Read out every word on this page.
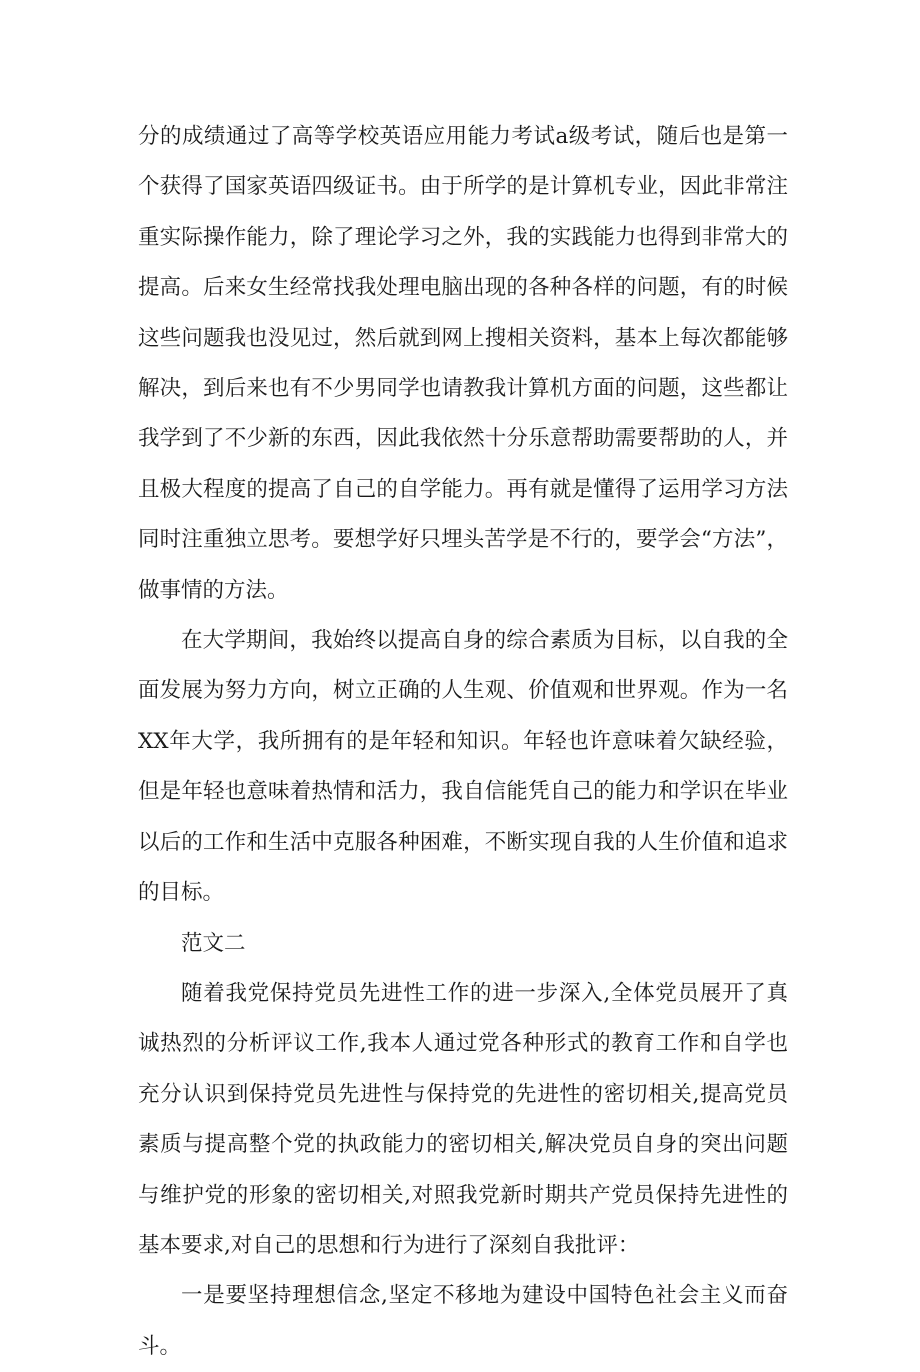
分的成绩通过了高等学校英语应用能力考试a级考试，随后也是第一个获得了国家英语四级证书。由于所学的是计算机专业，因此非常注重实际操作能力，除了理论学习之外，我的实践能力也得到非常大的提高。后来女生经常找我处理电脑出现的各种各样的问题，有的时候这些问题我也没见过，然后就到网上搜相关资料，基本上每次都能够解决，到后来也有不少男同学也请教我计算机方面的问题，这些都让我学到了不少新的东西，因此我依然十分乐意帮助需要帮助的人，并且极大程度的提高了自己的自学能力。再有就是懂得了运用学习方法同时注重独立思考。要想学好只埋头苦学是不行的，要学会“方法”，做事情的方法。

在大学期间，我始终以提高自身的综合素质为目标，以自我的全面发展为努力方向，树立正确的人生观、价值观和世界观。作为一名XX年大学，我所拥有的是年轻和知识。年轻也许意味着欠缺经验，但是年轻也意味着热情和活力，我自信能凭自己的能力和学识在毕业以后的工作和生活中克服各种困难，不断实现自我的人生价值和追求的目标。

范文二

随着我党保持党员先进性工作的进一步深入,全体党员展开了真诚热烈的分析评议工作,我本人通过党各种形式的教育工作和自学也充分认识到保持党员先进性与保持党的先进性的密切相关,提高党员素质与提高整个党的执政能力的密切相关,解决党员自身的突出问题与维护党的形象的密切相关,对照我党新时期共产党员保持先进性的基本要求,对自己的思想和行为进行了深刻自我批评：

一是要坚持理想信念,坚定不移地为建设中国特色社会主义而奋斗。
